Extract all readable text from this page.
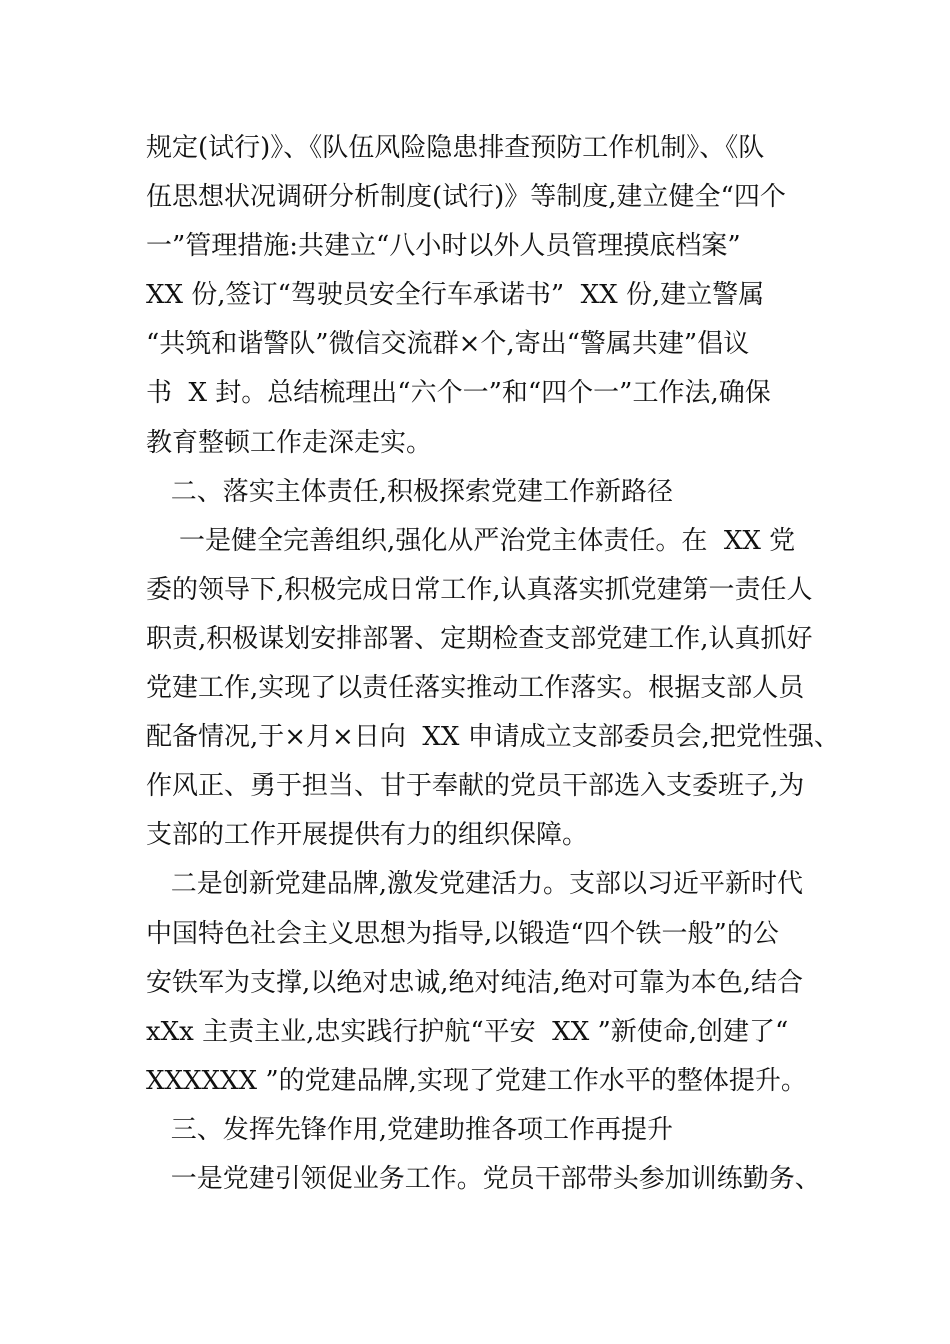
规定(试行)》、《队伍风险隐患排查预防工作机制》、《队
伍思想状况调研分析制度(试行)》等制度,建立健全“四个
一”管理措施:共建立“八小时以外人员管理摸底档案”
XX 份,签订“驾驶员安全行车承诺书”  XX 份,建立警属
“共筑和谐警队”微信交流群×个,寄出“警属共建”倡议
书  X 封。总结梳理出“六个一”和“四个一”工作法,确保
教育整顿工作走深走实。
二、落实主体责任,积极探索党建工作新路径
一是健全完善组织,强化从严治党主体责任。在  XX 党
委的领导下,积极完成日常工作,认真落实抓党建第一责任人
职责,积极谋划安排部署、定期检查支部党建工作,认真抓好
党建工作,实现了以责任落实推动工作落实。根据支部人员
配备情况,于×月×日向  XX 申请成立支部委员会,把党性强、
作风正、勇于担当、甘于奉献的党员干部选入支委班子,为
支部的工作开展提供有力的组织保障。
二是创新党建品牌,激发党建活力。支部以习近平新时代
中国特色社会主义思想为指导,以锻造“四个铁一般”的公
安铁军为支撑,以绝对忠诚,绝对纯洁,绝对可靠为本色,结合
xXx 主责主业,忠实践行护航“平安  XX ”新使命,创建了“
XXXXXX ”的党建品牌,实现了党建工作水平的整体提升。
三、发挥先锋作用,党建助推各项工作再提升
一是党建引领促业务工作。党员干部带头参加训练勤务、
